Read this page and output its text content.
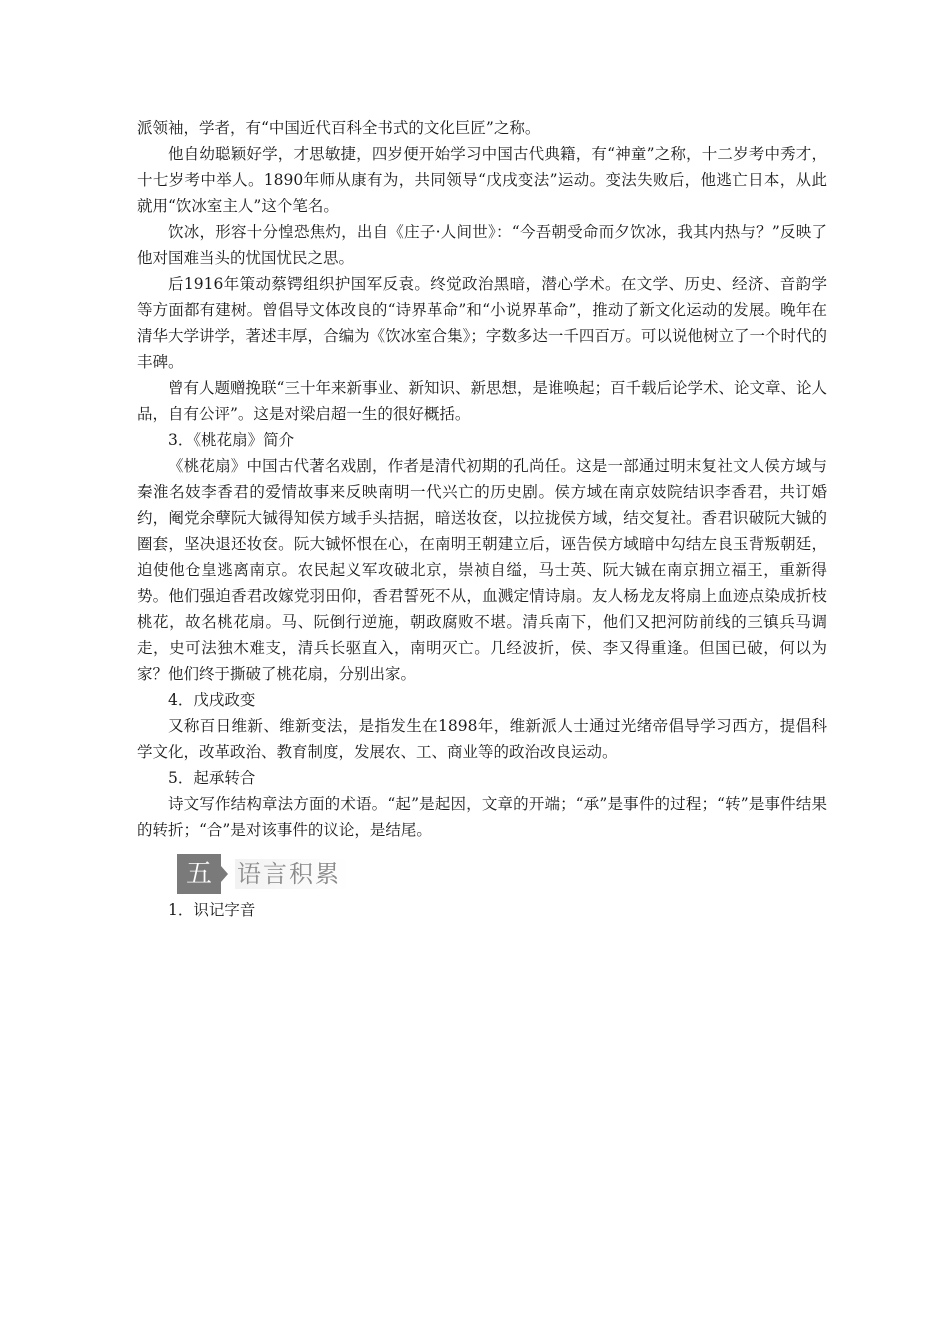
派领袖，学者，有“中国近代百科全书式的文化巨匠”之称。

他自幼聪颖好学，才思敏捷，四岁便开始学习中国古代典籍，有“神童”之称，十二岁考中秀才，十七岁考中举人。1890年师从康有为，共同领导“戊戌变法”运动。变法失败后，他逃亡日本，从此就用“饮冰室主人”这个笔名。

饮冰，形容十分惶恐焦灼，出自《庄子·人间世》：“今吾朝受命而夕饮冰，我其内热与？”反映了他对国难当头的忧国忧民之思。

后1916年策动蔡锷组织护国军反袁。终觉政治黑暗，潜心学术。在文学、历史、经济、音韵学等方面都有建树。曾倡导文体改良的“诗界革命”和“小说界革命”，推动了新文化运动的发展。晚年在清华大学讲学，著述丰厚，合编为《饮冰室合集》；字数多达一千四百万。可以说他树立了一个时代的丰碑。

曾有人题赠挽联“三十年来新事业、新知识、新思想，是谁唤起；百千载后论学术、论文章、论人品，自有公评”。这是对梁启超一生的很好概括。

3．《桃花扇》简介

《桃花扇》中国古代著名戏剧，作者是清代初期的孔尚任。这是一部通过明末复社文人侯方域与秦淮名妓李香君的爱情故事来反映南明一代兴亡的历史剧。侯方域在南京妓院结识李香君，共订婚约，阉党余孽阮大铖得知侯方域手头拮据，暗送妆奁，以拉拢侯方域，结交复社。香君识破阮大铖的圈套，坚决退还妆奁。阮大铖怀恨在心，在南明王朝建立后，诬告侯方域暗中勾结左良玉背叛朝廷，迫使他仓皇逃离南京。农民起义军攻破北京，崇祯自缢，马士英、阮大铖在南京拥立福王，重新得势。他们强迫香君改嫁党羽田仰，香君誓死不从，血溅定情诗扇。友人杨龙友将扇上血迹点染成折枝桃花，故名桃花扇。马、阮倒行逆施，朝政腐败不堪。清兵南下，他们又把河防前线的三镇兵马调走，史可法独木难支，清兵长驱直入，南明灭亡。几经波折，侯、李又得重逢。但国已破，何以为家？他们终于撕破了桃花扇，分别出家。

4．戊戌政变

又称百日维新、维新变法，是指发生在1898年，维新派人士通过光绪帝倡导学习西方，提倡科学文化，改革政治、教育制度，发展农、工、商业等的政治改良运动。

5．起承转合

诗文写作结构章法方面的术语。“起”是起因，文章的开端；“承”是事件的过程；“转”是事件结果的转折；“合”是对该事件的议论，是结尾。

五	语言积累

1．识记字音
